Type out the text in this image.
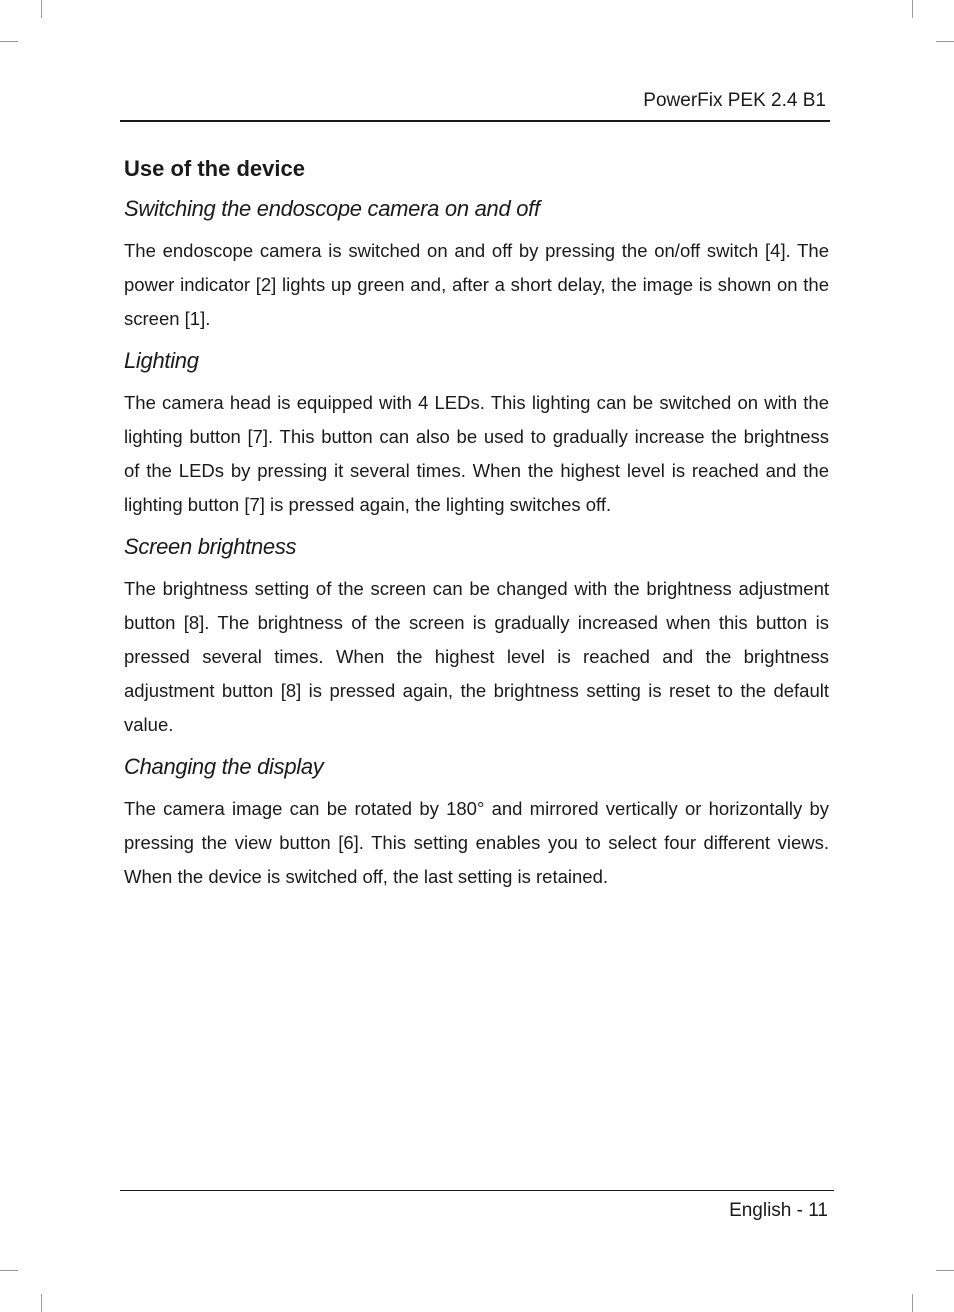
PowerFix PEK 2.4 B1
Use of the device
Switching the endoscope camera on and off
The endoscope camera is switched on and off by pressing the on/off switch [4]. The power indicator [2] lights up green and, after a short delay, the image is shown on the screen [1].
Lighting
The camera head is equipped with 4 LEDs. This lighting can be switched on with the lighting button [7]. This button can also be used to gradually increase the brightness of the LEDs by pressing it several times. When the highest level is reached and the lighting button [7] is pressed again, the lighting switches off.
Screen brightness
The brightness setting of the screen can be changed with the brightness adjustment button [8]. The brightness of the screen is gradually increased when this button is pressed several times. When the highest level is reached and the brightness adjustment button [8] is pressed again, the brightness setting is reset to the default value.
Changing the display
The camera image can be rotated by 180° and mirrored vertically or horizontally by pressing the view button [6]. This setting enables you to select four different views. When the device is switched off, the last setting is retained.
English - 11
